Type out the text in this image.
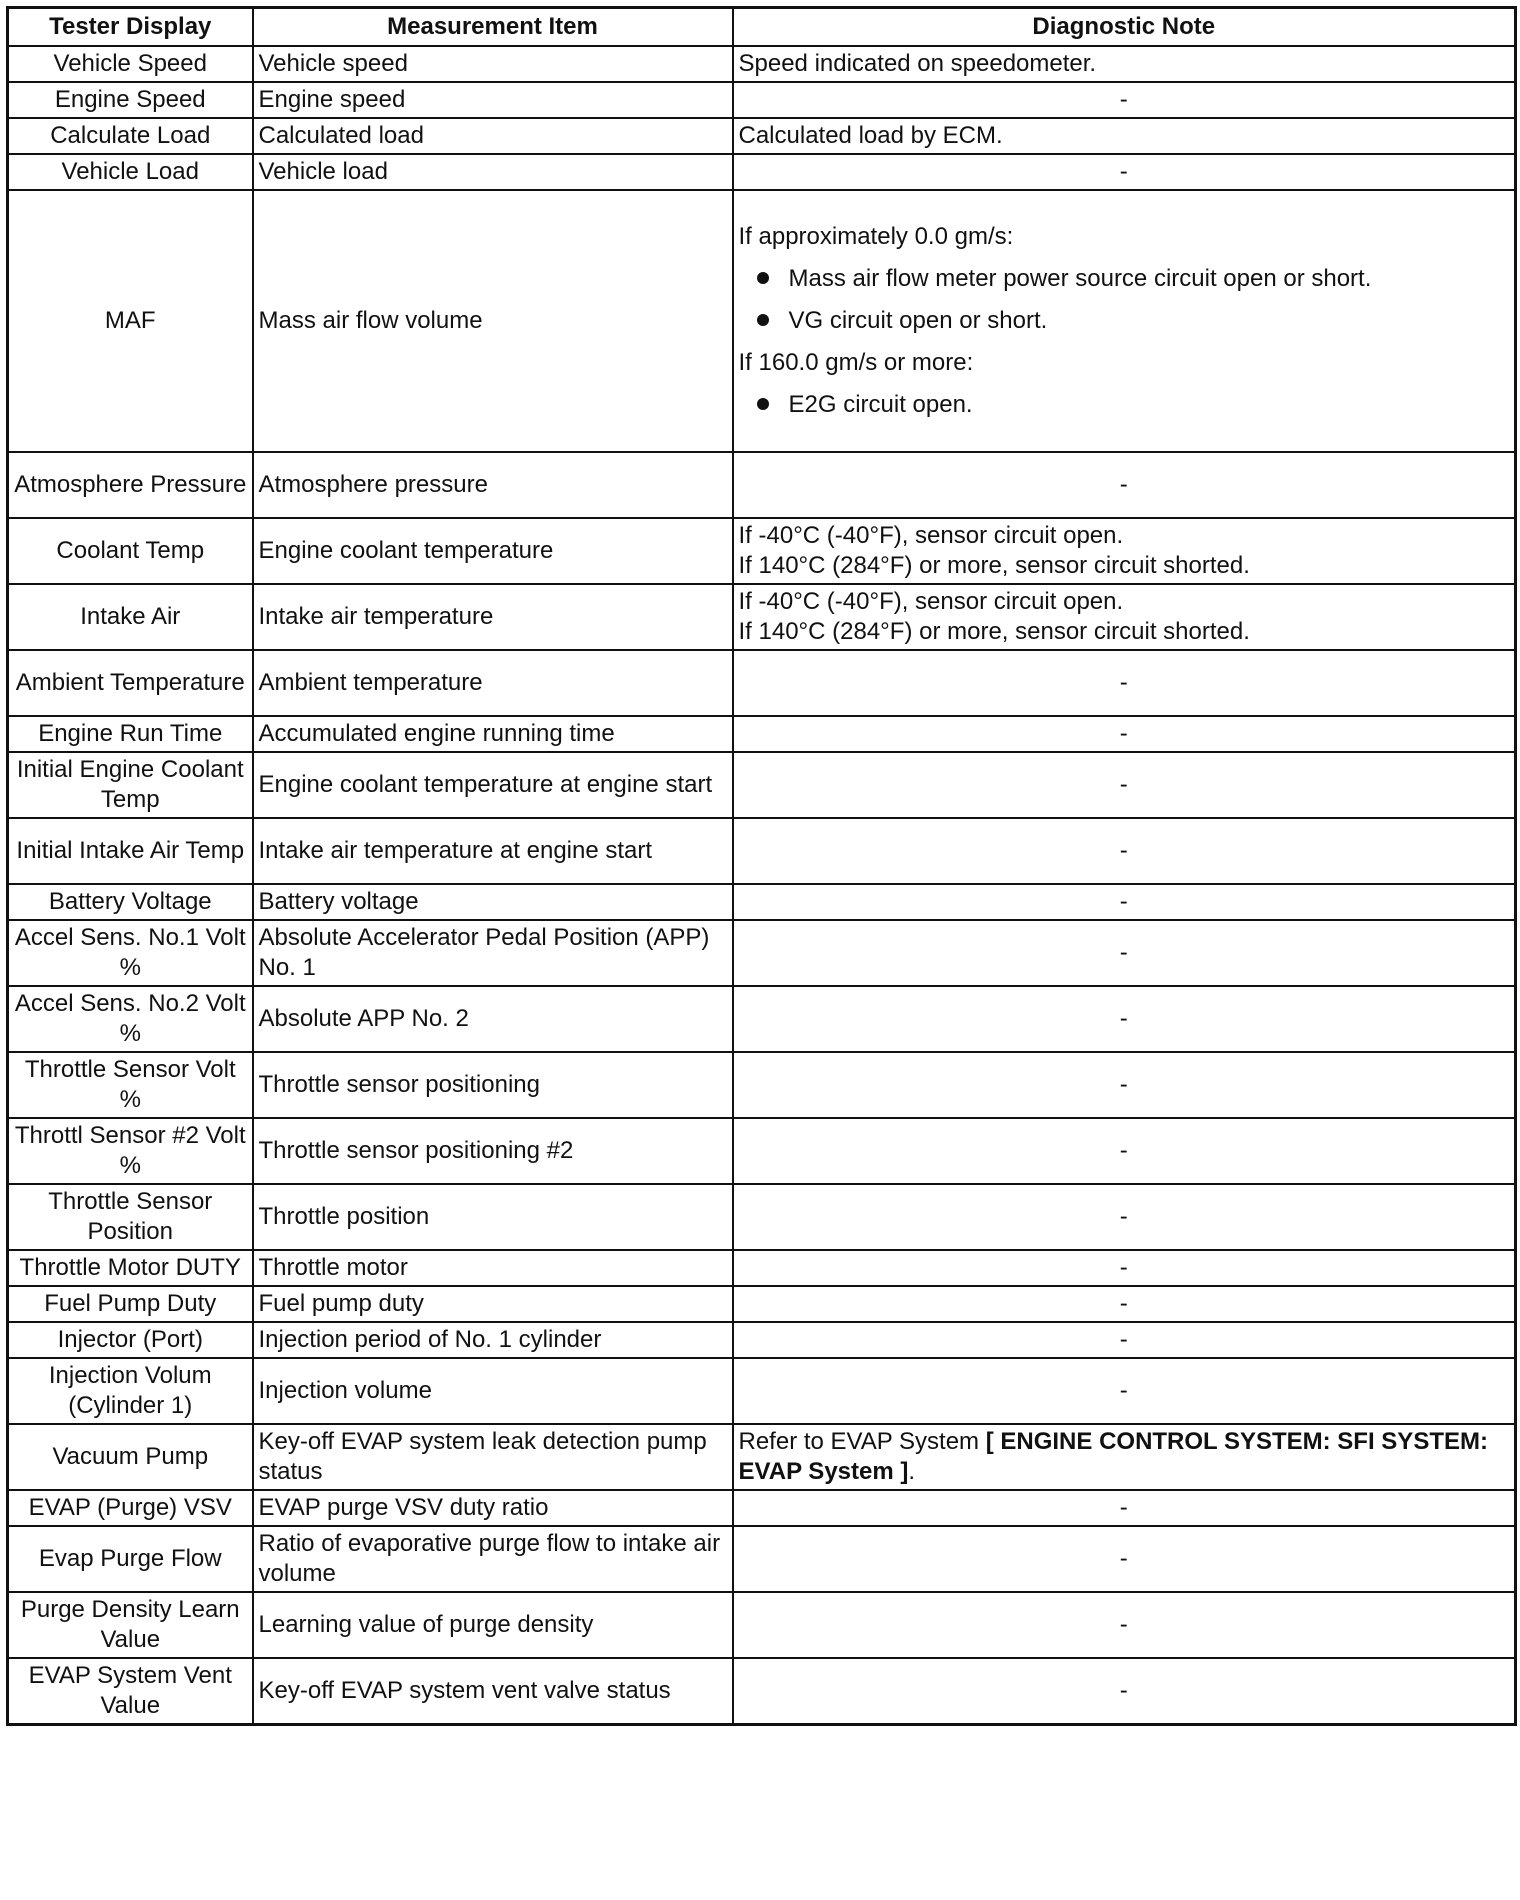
Tester Display	Measurement Item	Diagnostic Note
Vehicle Speed	Vehicle speed	Speed indicated on speedometer.
Engine Speed	Engine speed	-
Calculate Load	Calculated load	Calculated load by ECM.
Vehicle Load	Vehicle load	-
MAF	Mass air flow volume	If approximately 0.0 gm/s:
Mass air flow meter power source circuit open or short.
VG circuit open or short.
If 160.0 gm/s or more:
E2G circuit open.

Atmosphere Pressure	Atmosphere pressure	-
Coolant Temp	Engine coolant temperature	If -40°C (-40°F), sensor circuit open.

If 140°C (284°F) or more, sensor circuit shorted.

Intake Air	Intake air temperature	If -40°C (-40°F), sensor circuit open.

If 140°C (284°F) or more, sensor circuit shorted.

Ambient Temperature	Ambient temperature	-
Engine Run Time	Accumulated engine running time	-
Initial Engine Coolant Temp	Engine coolant temperature at engine start	-
Initial Intake Air Temp	Intake air temperature at engine start	-
Battery Voltage	Battery voltage	-
Accel Sens. No.1 Volt %	Absolute Accelerator Pedal Position (APP) No. 1	-
Accel Sens. No.2 Volt %	Absolute APP No. 2	-
Throttle Sensor Volt %	Throttle sensor positioning	-
Throttl Sensor #2 Volt %	Throttle sensor positioning #2	-
Throttle Sensor Position	Throttle position	-
Throttle Motor DUTY	Throttle motor	-
Fuel Pump Duty	Fuel pump duty	-
Injector (Port)	Injection period of No. 1 cylinder	-
Injection Volum (Cylinder 1)	Injection volume	-
Vacuum Pump	Key-off EVAP system leak detection pump status	Refer to EVAP System [ ENGINE CONTROL SYSTEM: SFI SYSTEM: EVAP System ].
EVAP (Purge) VSV	EVAP purge VSV duty ratio	-
Evap Purge Flow	Ratio of evaporative purge flow to intake air volume	-
Purge Density Learn Value	Learning value of purge density	-
EVAP System Vent Value	Key-off EVAP system vent valve status	-
